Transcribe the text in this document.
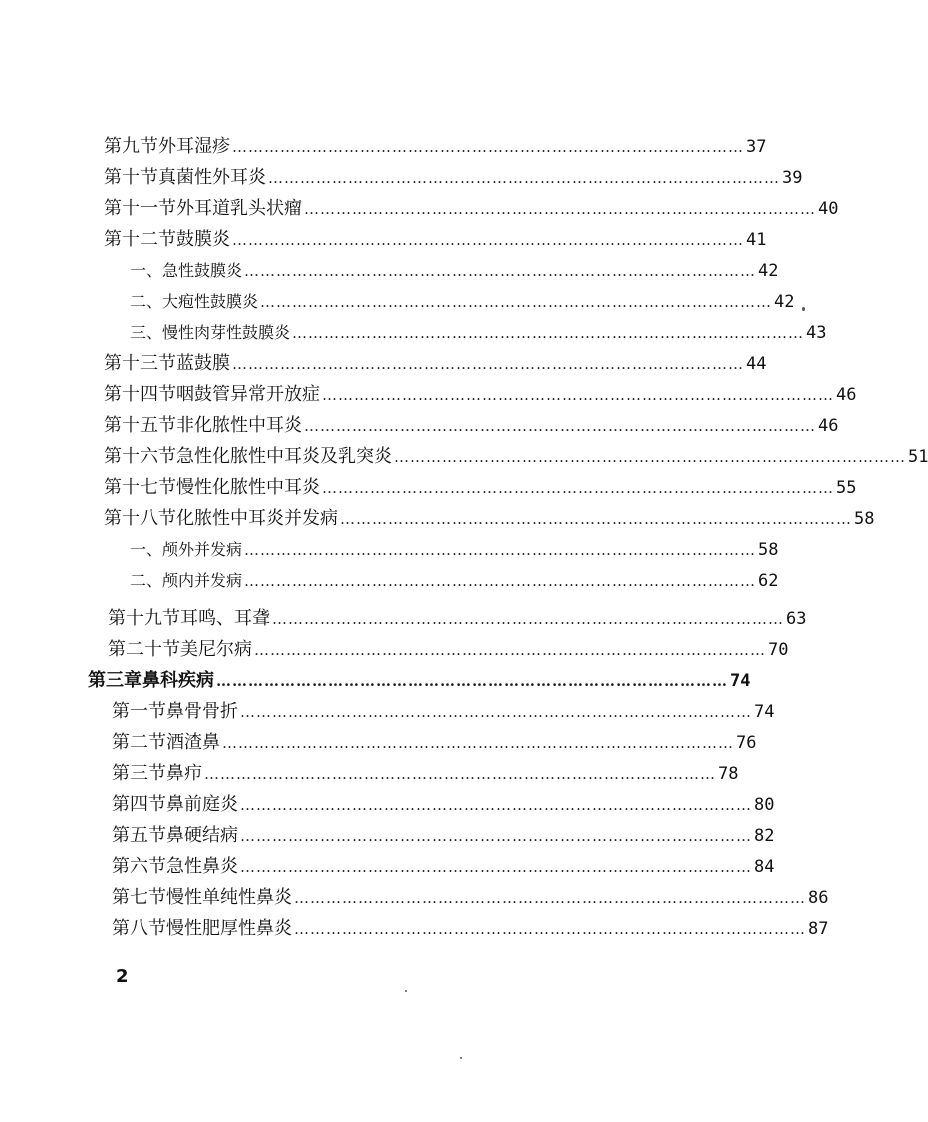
第九节 外耳湿疹 …………………………………………………………………………………… 37
第十节 真菌性外耳炎 …………………………………………………………………………………… 39
第十一节 外耳道乳头状瘤 …………………………………………………………………………………… 40
第十二节 鼓膜炎 …………………………………………………………………………………… 41
一、 急性鼓膜炎 …………………………………………………………………………………… 42
二、 大疱性鼓膜炎 …………………………………………………………………………………… 42
三、 慢性肉芽性鼓膜炎 …………………………………………………………………………………… 43
第十三节 蓝鼓膜 …………………………………………………………………………………… 44
第十四节 咽鼓管异常开放症 …………………………………………………………………………………… 46
第十五节 非化脓性中耳炎 …………………………………………………………………………………… 46
第十六节 急性化脓性中耳炎及乳突炎 …………………………………………………………………………………… 51
第十七节 慢性化脓性中耳炎 …………………………………………………………………………………… 55
第十八节 化脓性中耳炎并发病 …………………………………………………………………………………… 58
一、 颅外并发病 …………………………………………………………………………………… 58
二、 颅内并发病 …………………………………………………………………………………… 62
第十九节 耳鸣、耳聋 …………………………………………………………………………………… 63
第二十节 美尼尔病 …………………………………………………………………………………… 70
第三章 鼻科疾病 …………………………………………………………………………………… 74
第一节 鼻骨骨折 …………………………………………………………………………………… 74
第二节 酒渣鼻 …………………………………………………………………………………… 76
第三节 鼻疖 …………………………………………………………………………………… 78
第四节 鼻前庭炎 …………………………………………………………………………………… 80
第五节 鼻硬结病 …………………………………………………………………………………… 82
第六节 急性鼻炎 …………………………………………………………………………………… 84
第七节 慢性单纯性鼻炎 …………………………………………………………………………………… 86
第八节 慢性肥厚性鼻炎 …………………………………………………………………………………… 87
2
